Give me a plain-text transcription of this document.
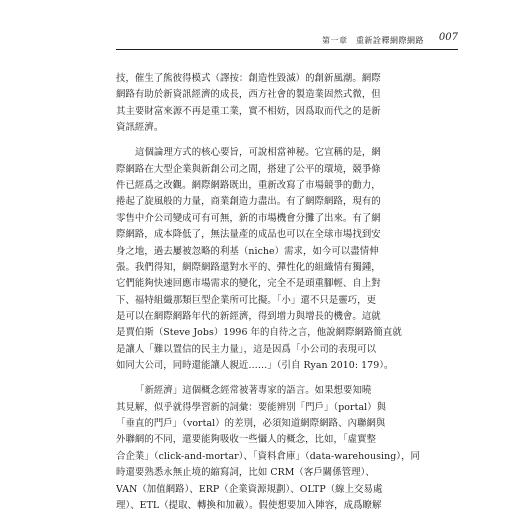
第一章　重新詮釋網際網路 007
技，催生了熊彼得模式（譯按：創造性毀滅）的創新風潮。網際
網路有助於新資訊經濟的成長，西方社會的製造業固然式微，但
其主要財富來源不再是重工業，實不相妨，因爲取而代之的是新
資訊經濟。
這個論理方式的核心要旨，可說相當神秘。它宣稱的是，網
際網路在大型企業與新創公司之間，搭建了公平的環境，競爭條
件已經爲之改觀。網際網路既出，重新改寫了市場競爭的動力，
捲起了旋風般的力量，商業創造力盡出。有了網際網路，現有的
零售中介公司變成可有可無，新的市場機會分攤了出來。有了網
際網路，成本降低了，無法量產的成品也可以在全球市場找到安
身之地，過去屢被忽略的利基（niche）需求，如今可以盡情伸
張。我們得知，網際網路還對水平的、彈性化的組織情有獨鍾，
它們能夠快速回應市場需求的變化，完全不是頭重腳輕、自上對
下、福特組織那類巨型企業所可比擬。「小」還不只是靈巧，更
是可以在網際網路年代的新經濟，得到增力與增長的機會。這就
是賈伯斯（Steve Jobs）1996 年的自待之言，他說網際網路簡直就
是讓人「難以置信的民主力量」，這是因爲「小公司的表現可以
如同大公司，同時還能讓人親近……」（引自 Ryan 2010: 179）。
「新經濟」這個概念經常被著專家的語言。如果想要知曉
其見解，似乎就得學習新的詞彙：要能辨別「門戶」（portal）與
「垂直的門戶」（vortal）的差別，必須知道網際網路、內聯網與
外聯網的不同，還要能夠吸收一些懾人的概念，比如，「虛實整
合企業」（click-and-mortar）、「資料倉庫」（data-warehousing），同
時還要熟悉永無止境的縮寫詞，比如 CRM（客戶關係管理）、
VAN（加值網路）、ERP（企業資源規劃）、OLTP（線上交易處
理）、ETL（提取、轉換和加載）。假使想要加入陣容，成爲瞭解
